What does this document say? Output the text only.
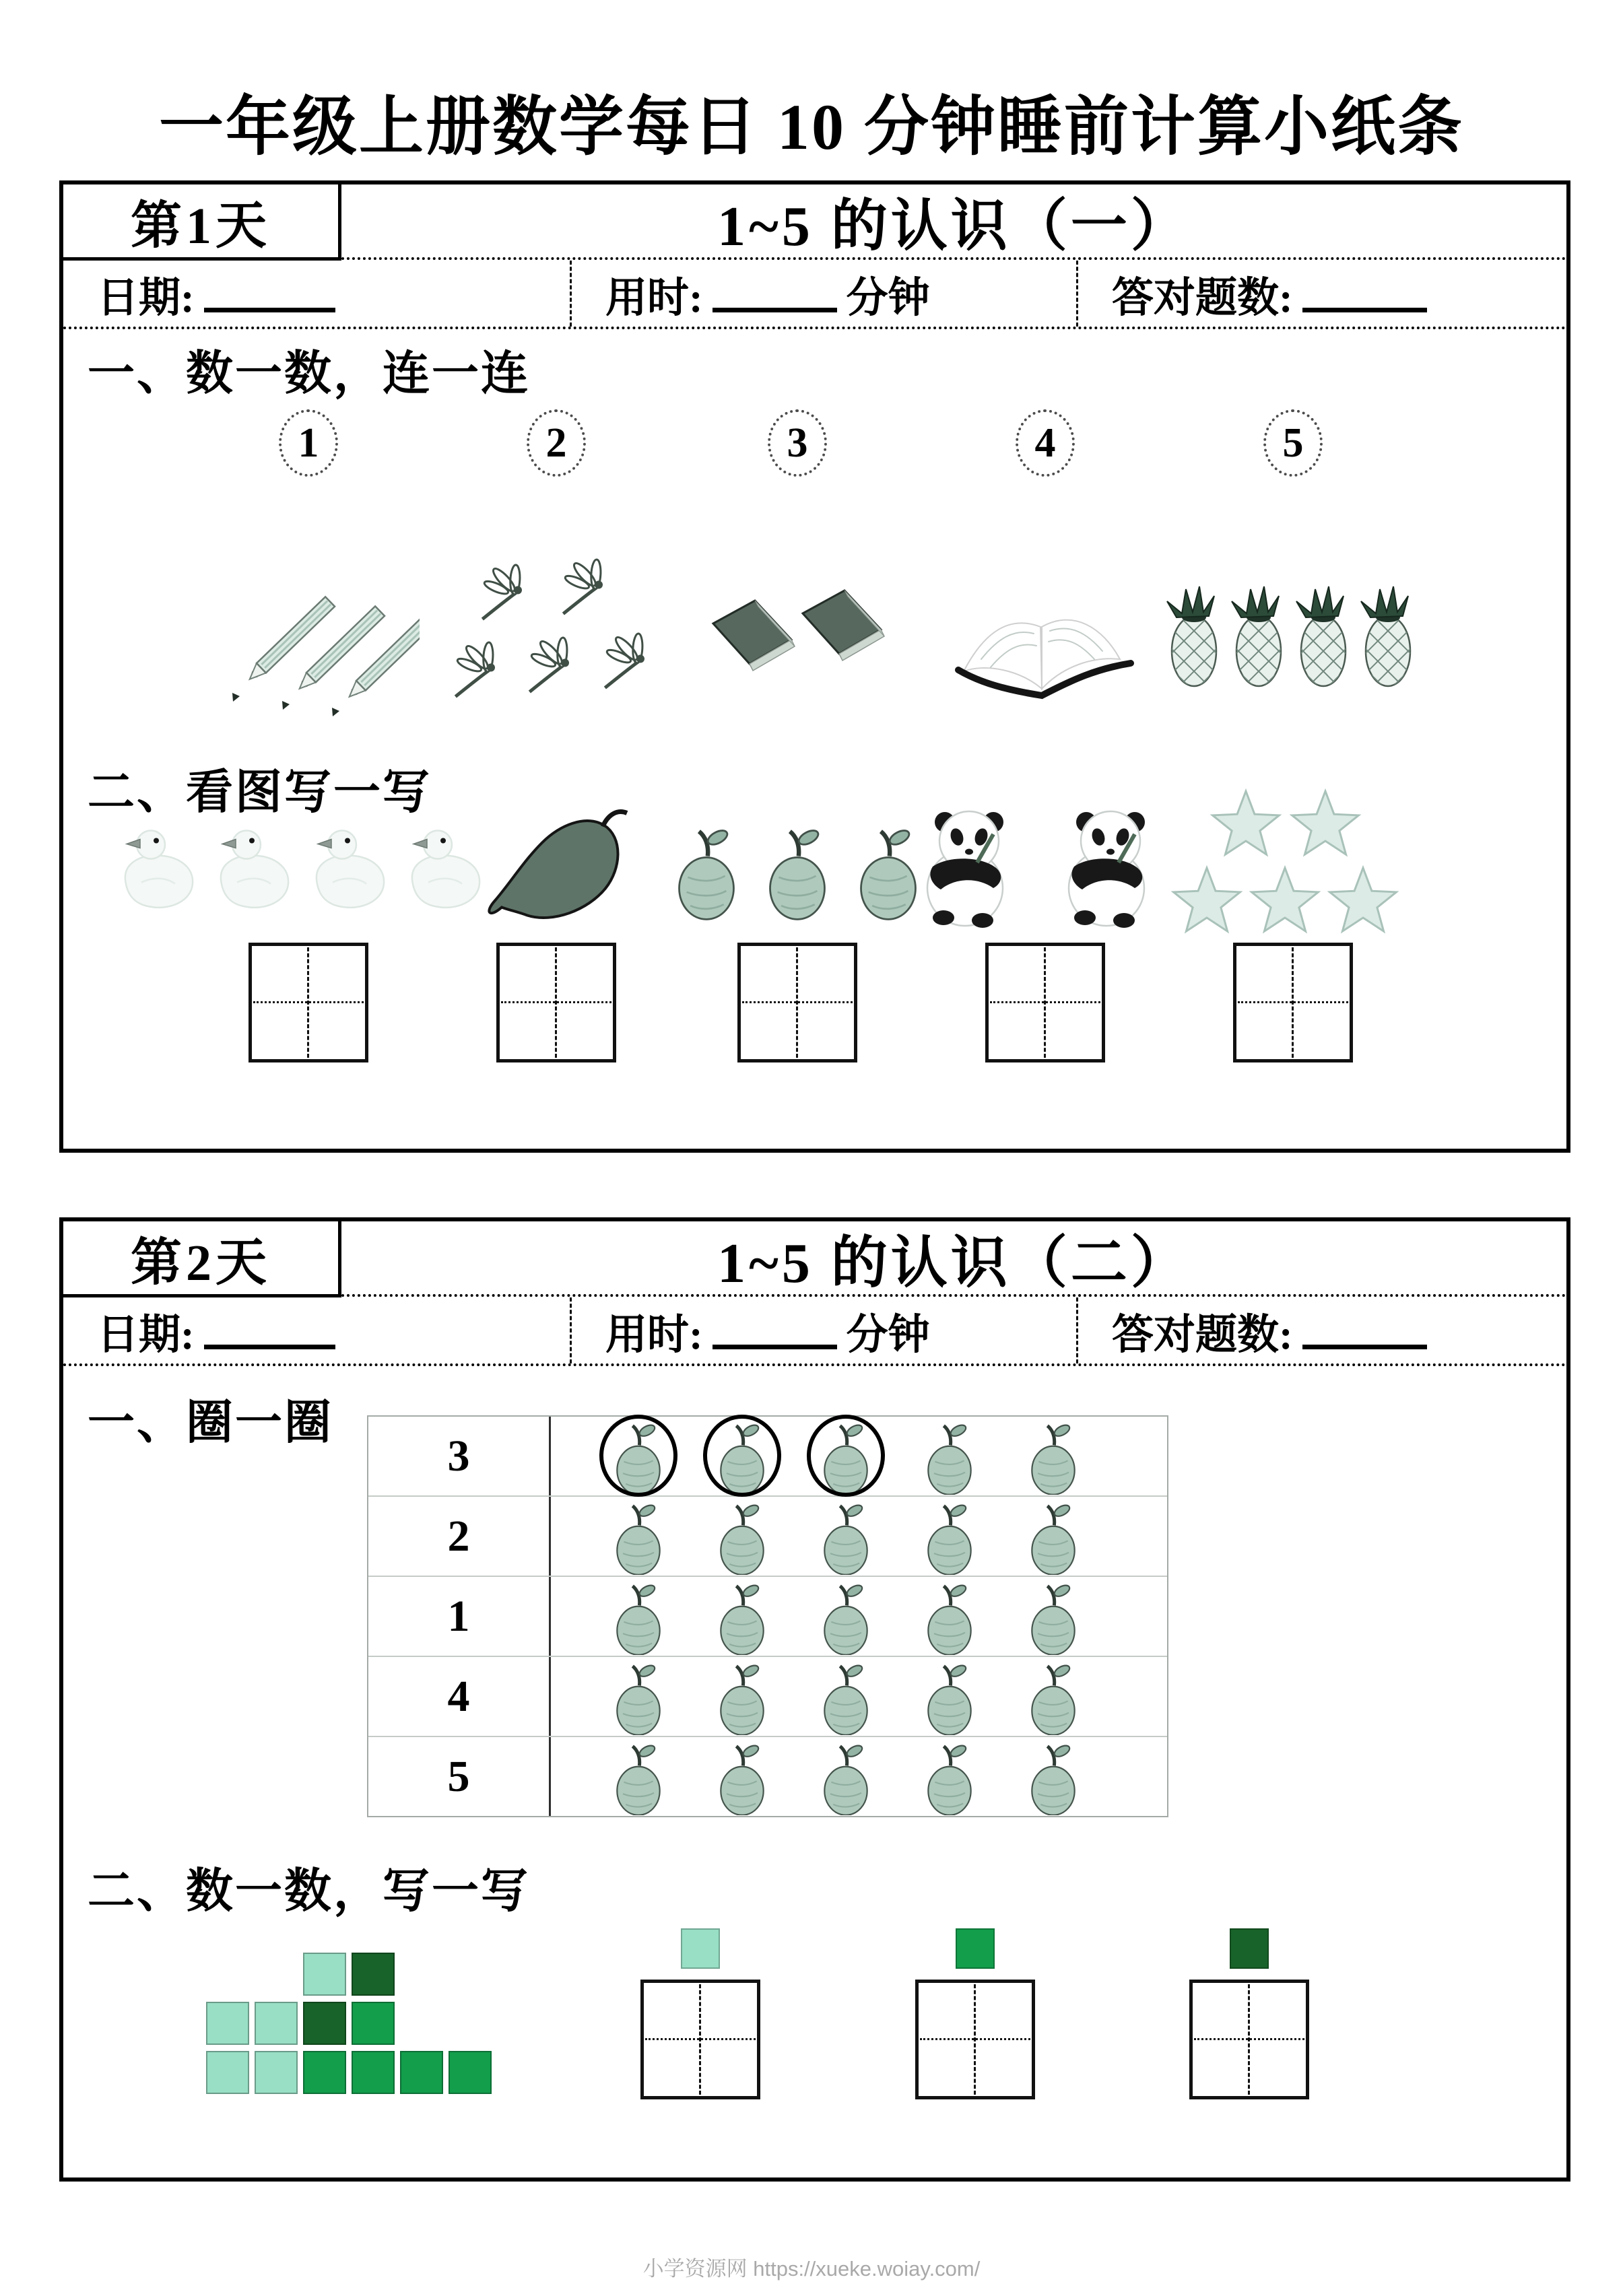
一年级上册数学每日 10 分钟睡前计算小纸条
第1天	1~5 的认识（一）
日期:	用时:	分钟	答对题数:
一、数一数，连一连
1	2	3	4	5
二、看图写一写
第2天	1~5 的认识（二）
日期:	用时:	分钟	答对题数:
一、圈一圈
3
2
1
4
5
二、数一数，写一写
小学资源网 https://xueke.woiay.com/
